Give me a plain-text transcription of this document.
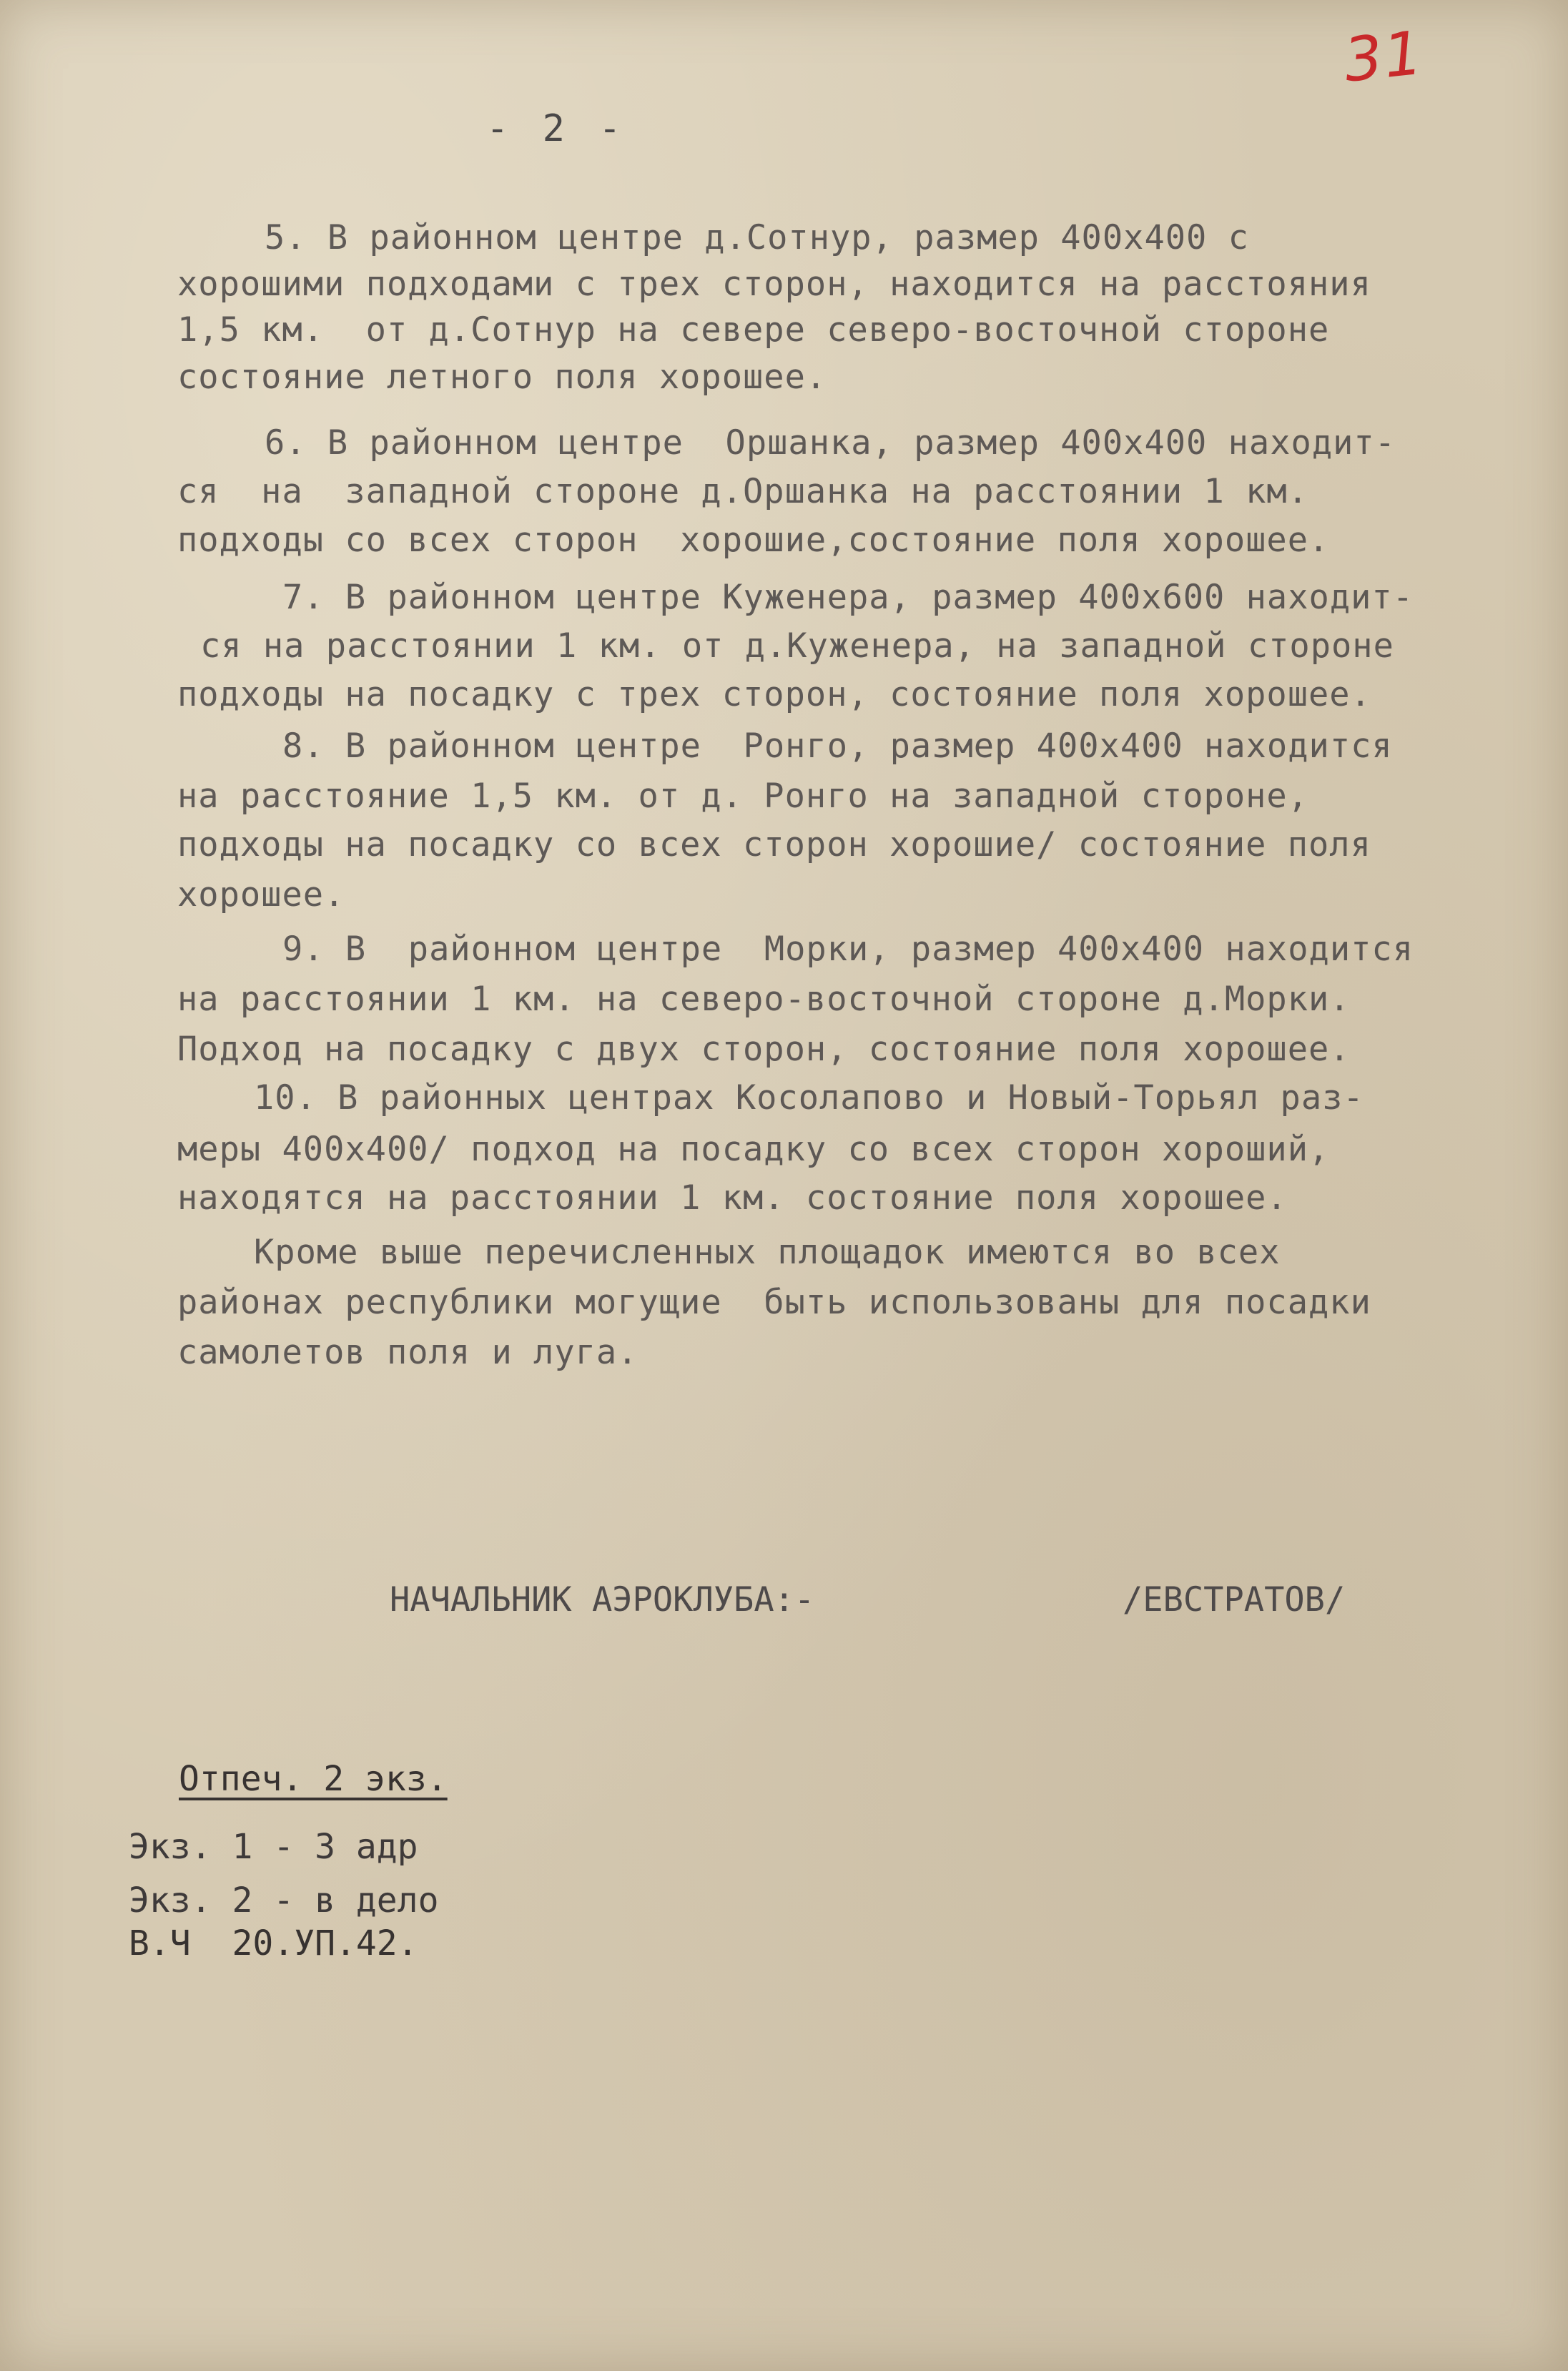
31
- 2 -
5. В районном центре д.Сотнур, размер 400х400 с
хорошими подходами с трех сторон, находится на расстояния
1,5 км.  от д.Сотнур на севере северо-восточной стороне
состояние летного поля хорошее.
6. В районном центре  Оршанка, размер 400х400 находит-
ся  на  западной стороне д.Оршанка на расстоянии 1 км.
подходы со всех сторон  хорошие,состояние поля хорошее.
7. В районном центре Куженера, размер 400х600 находит-
ся на расстоянии 1 км. от д.Куженера, на западной стороне
подходы на посадку с трех сторон, состояние поля хорошее.
8. В районном центре  Ронго, размер 400х400 находится
на расстояние 1,5 км. от д. Ронго на западной стороне,
подходы на посадку со всех сторон хорошие/ состояние поля
хорошее.
9. В  районном центре  Морки, размер 400х400 находится
на расстоянии 1 км. на северо-восточной стороне д.Морки.
Подход на посадку с двух сторон, состояние поля хорошее.
10. В районных центрах Косолапово и Новый-Торьял раз-
меры 400х400/ подход на посадку со всех сторон хороший,
находятся на расстоянии 1 км. состояние поля хорошее.
Кроме выше перечисленных площадок имеются во всех
районах республики могущие  быть использованы для посадки
самолетов поля и луга.
НАЧАЛЬНИК АЭРОКЛУБА:-	/ЕВСТРАТОВ/
Отпеч. 2 экз.
Экз. 1 - 3 адр
Экз. 2 - в дело
В.Ч  20.УП.42.
